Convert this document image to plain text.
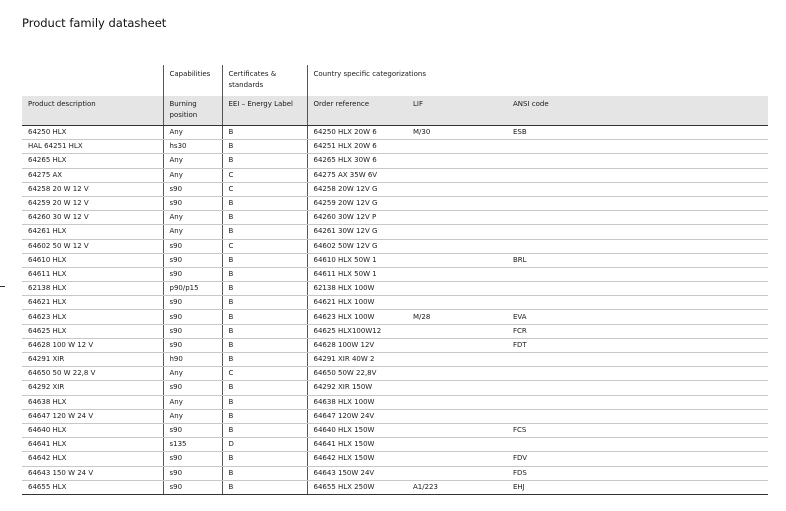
Product family datasheet
	Capabilities	Certificates & standards	Country specific categorizations		
Product description	Burning position	EEI – Energy Label	Order reference	LIF	ANSI code
64250 HLX	Any	B	64250 HLX 20W 6	M/30	ESB
HAL 64251 HLX	hs30	B	64251 HLX 20W 6		
64265 HLX	Any	B	64265 HLX 30W 6		
64275 AX	Any	C	64275 AX 35W 6V		
64258 20 W 12 V	s90	C	64258 20W 12V G		
64259 20 W 12 V	s90	B	64259 20W 12V G		
64260 30 W 12 V	Any	B	64260 30W 12V P		
64261 HLX	Any	B	64261 30W 12V G		
64602 50 W 12 V	s90	C	64602 50W 12V G		
64610 HLX	s90	B	64610 HLX 50W 1		BRL
64611 HLX	s90	B	64611 HLX 50W 1		
62138 HLX	p90/p15	B	62138 HLX 100W		
64621 HLX	s90	B	64621 HLX 100W		
64623 HLX	s90	B	64623 HLX 100W	M/28	EVA
64625 HLX	s90	B	64625 HLX100W12		FCR
64628 100 W 12 V	s90	B	64628 100W 12V		FDT
64291 XIR	h90	B	64291 XIR 40W 2		
64650 50 W 22,8 V	Any	C	64650 50W 22,8V		
64292 XIR	s90	B	64292 XIR 150W		
64638 HLX	Any	B	64638 HLX 100W		
64647 120 W 24 V	Any	B	64647 120W 24V		
64640 HLX	s90	B	64640 HLX 150W		FCS
64641 HLX	s135	D	64641 HLX 150W		
64642 HLX	s90	B	64642 HLX 150W		FDV
64643 150 W 24 V	s90	B	64643 150W 24V		FDS
64655 HLX	s90	B	64655 HLX 250W	A1/223	EHJ
